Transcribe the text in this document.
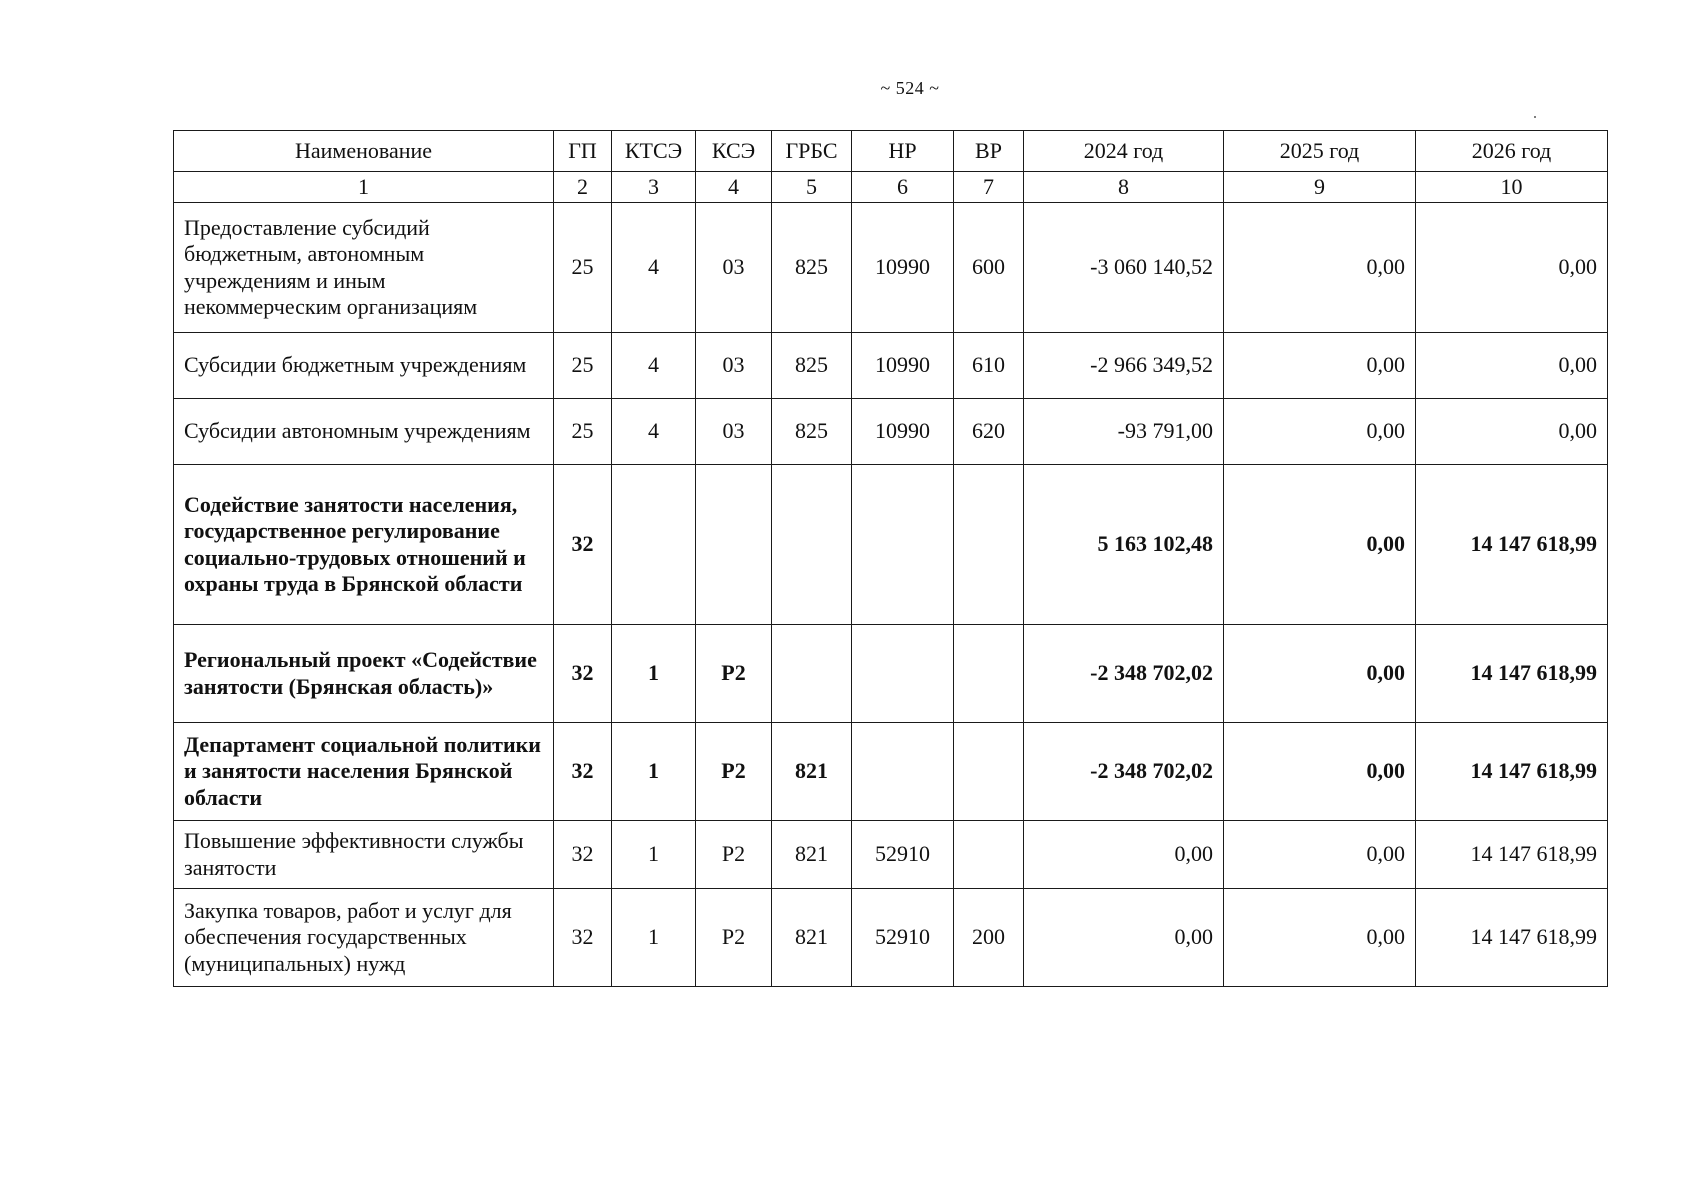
~ 524 ~
Наименование	ГП	КТСЭ	КСЭ	ГРБС	НР	ВР	2024 год	2025 год	2026 год
1	2	3	4	5	6	7	8	9	10
Предоставление субсидий бюджетным, автономным учреждениям и иным некоммерческим организациям	25	4	03	825	10990	600	-3 060 140,52	0,00	0,00
Субсидии бюджетным учреждениям	25	4	03	825	10990	610	-2 966 349,52	0,00	0,00
Субсидии автономным учреждениям	25	4	03	825	10990	620	-93 791,00	0,00	0,00
Содействие занятости населения, государственное регулирование социально-трудовых отношений и охраны труда в Брянской области	32						5 163 102,48	0,00	14 147 618,99
Региональный проект «Содействие занятости (Брянская область)»	32	1	Р2				-2 348 702,02	0,00	14 147 618,99
Департамент социальной политики и занятости населения Брянской области	32	1	Р2	821			-2 348 702,02	0,00	14 147 618,99
Повышение эффективности службы занятости	32	1	Р2	821	52910		0,00	0,00	14 147 618,99
Закупка товаров, работ и услуг для обеспечения государственных (муниципальных) нужд	32	1	Р2	821	52910	200	0,00	0,00	14 147 618,99
